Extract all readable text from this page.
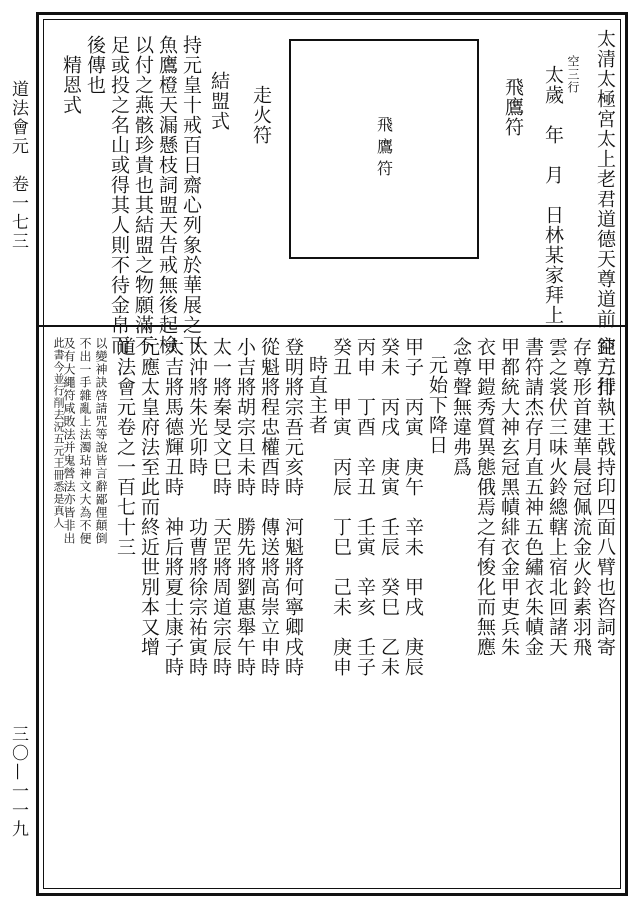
道法會元　卷一七三
三〇—一一九
太清太極宮太上老君道德天尊道前 空三行
空三行
太歲　年　月　日林某家拜上
飛鷹符
飛鷹符
走火符
結盟式
持元皇十戒百日齋心列象於華展之下
魚鷹橙天漏懸枝詞盟天告戒無後起檢
以付之燕骸珍貴也其結盟之物願滿不
足或投之名山或得其人則不待金帛而
後傳也
精恩式
鈍方排執王戟持印四面八臂也咨詞寄
存尊形首建華晨冠佩流金火鈴素羽飛
雲之裳伏三味火鈴總轄上宿北回諸天
書符請杰存月直五神五色繡衣朱幘金
甲都統大神玄冠黑幘緋衣金甲吏兵朱
衣甲鎧秀質異態俄焉之有悛化而無應
念尊聲無違弗爲
元始下降日
甲子　丙寅　庚午　辛未　甲戌　庚辰
癸未　丙戌　庚寅　壬辰　癸巳　乙未
丙申　丁酉　辛丑　壬寅　辛亥　壬子
癸丑　甲寅　丙辰　丁巳　己未　庚申
時直主者
登明將宗吾元亥時　河魁將何寧卿戌時
從魁將程忠權酉時　傳送將高崇立申時
小吉將胡宗旦未時　勝先將劉惠舉午時
太一將秦旻文巳時　天罡將周道宗辰時
太沖將朱光卯時　　功曹將徐宗祐寅時
大吉將馬德輝丑時　神后將夏士康子時
元應太皇府法至此而終近世別本又增
道法會元卷之一百七十三
以變神訣啓請咒等說皆言辭鄙俚顛倒
不出一手雜亂上法濁玷神文大為不便
及有大繩符咸敗法并鬼營法亦皆非出
此書今並行削去況五元王冊悉是真人
